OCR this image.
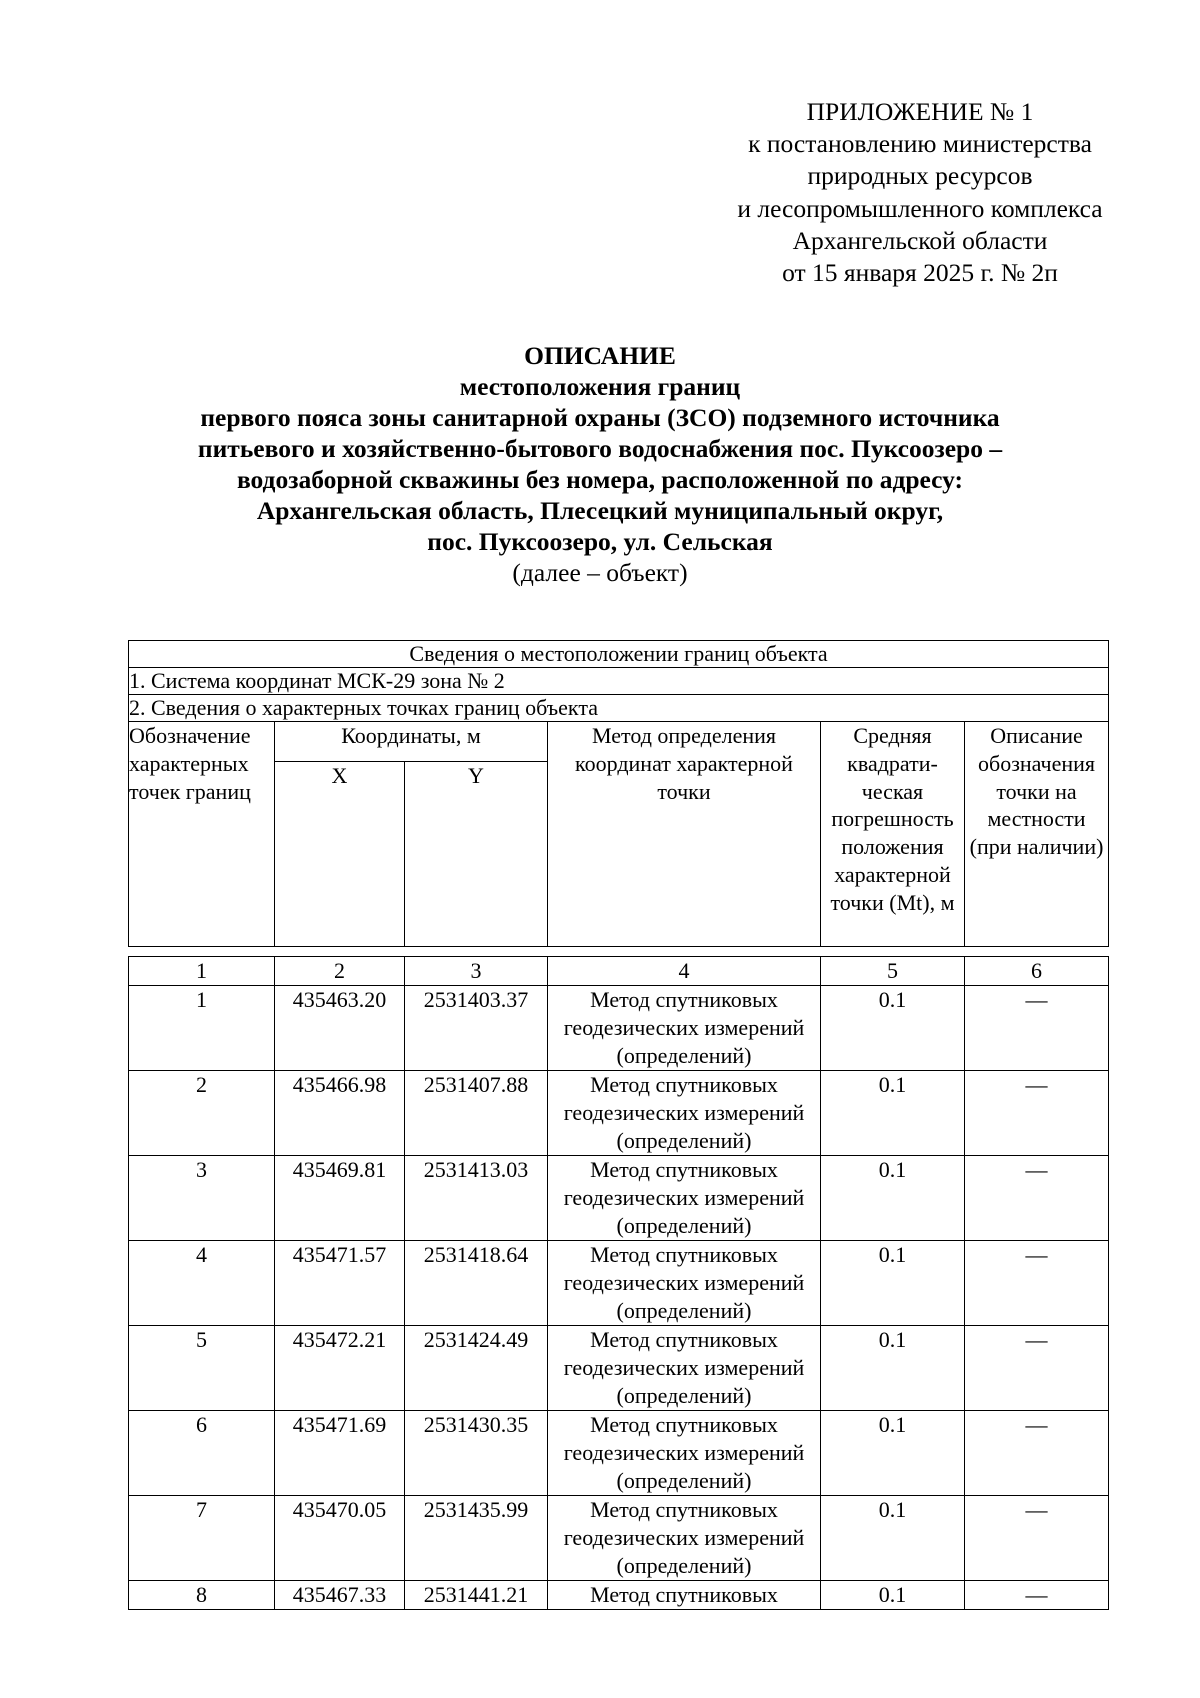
ПРИЛОЖЕНИЕ № 1
к постановлению министерства
природных ресурсов
и лесопромышленного комплекса
Архангельской области
от 15 января 2025 г. № 2п
ОПИСАНИЕ
местоположения границ
первого пояса зоны санитарной охраны (ЗСО) подземного источника
питьевого и хозяйственно-бытового водоснабжения пос. Пуксоозеро –
водозаборной скважины без номера, расположенной по адресу:
Архангельская область, Плесецкий муниципальный округ,
пос. Пуксоозеро, ул. Сельская
(далее – объект)
Сведения о местоположении границ объекта					
1. Система координат МСК-29 зона № 2					
2. Сведения о характерных точках границ объекта					
Обозначение характерных точек границ	Координаты, м		Метод определения координат характерной точки	Средняя квадрати-ческая погрешность положения характерной точки (Mt), м	Описание обозначения точки на местности (при наличии)
	X	Y			
1	2	3	4	5	6
1	435463.20	2531403.37	Метод спутниковых геодезических измерений (определений)	0.1	—
2	435466.98	2531407.88	Метод спутниковых геодезических измерений (определений)	0.1	—
3	435469.81	2531413.03	Метод спутниковых геодезических измерений (определений)	0.1	—
4	435471.57	2531418.64	Метод спутниковых геодезических измерений (определений)	0.1	—
5	435472.21	2531424.49	Метод спутниковых геодезических измерений (определений)	0.1	—
6	435471.69	2531430.35	Метод спутниковых геодезических измерений (определений)	0.1	—
7	435470.05	2531435.99	Метод спутниковых геодезических измерений (определений)	0.1	—
8	435467.33	2531441.21	Метод спутниковых	0.1	—
